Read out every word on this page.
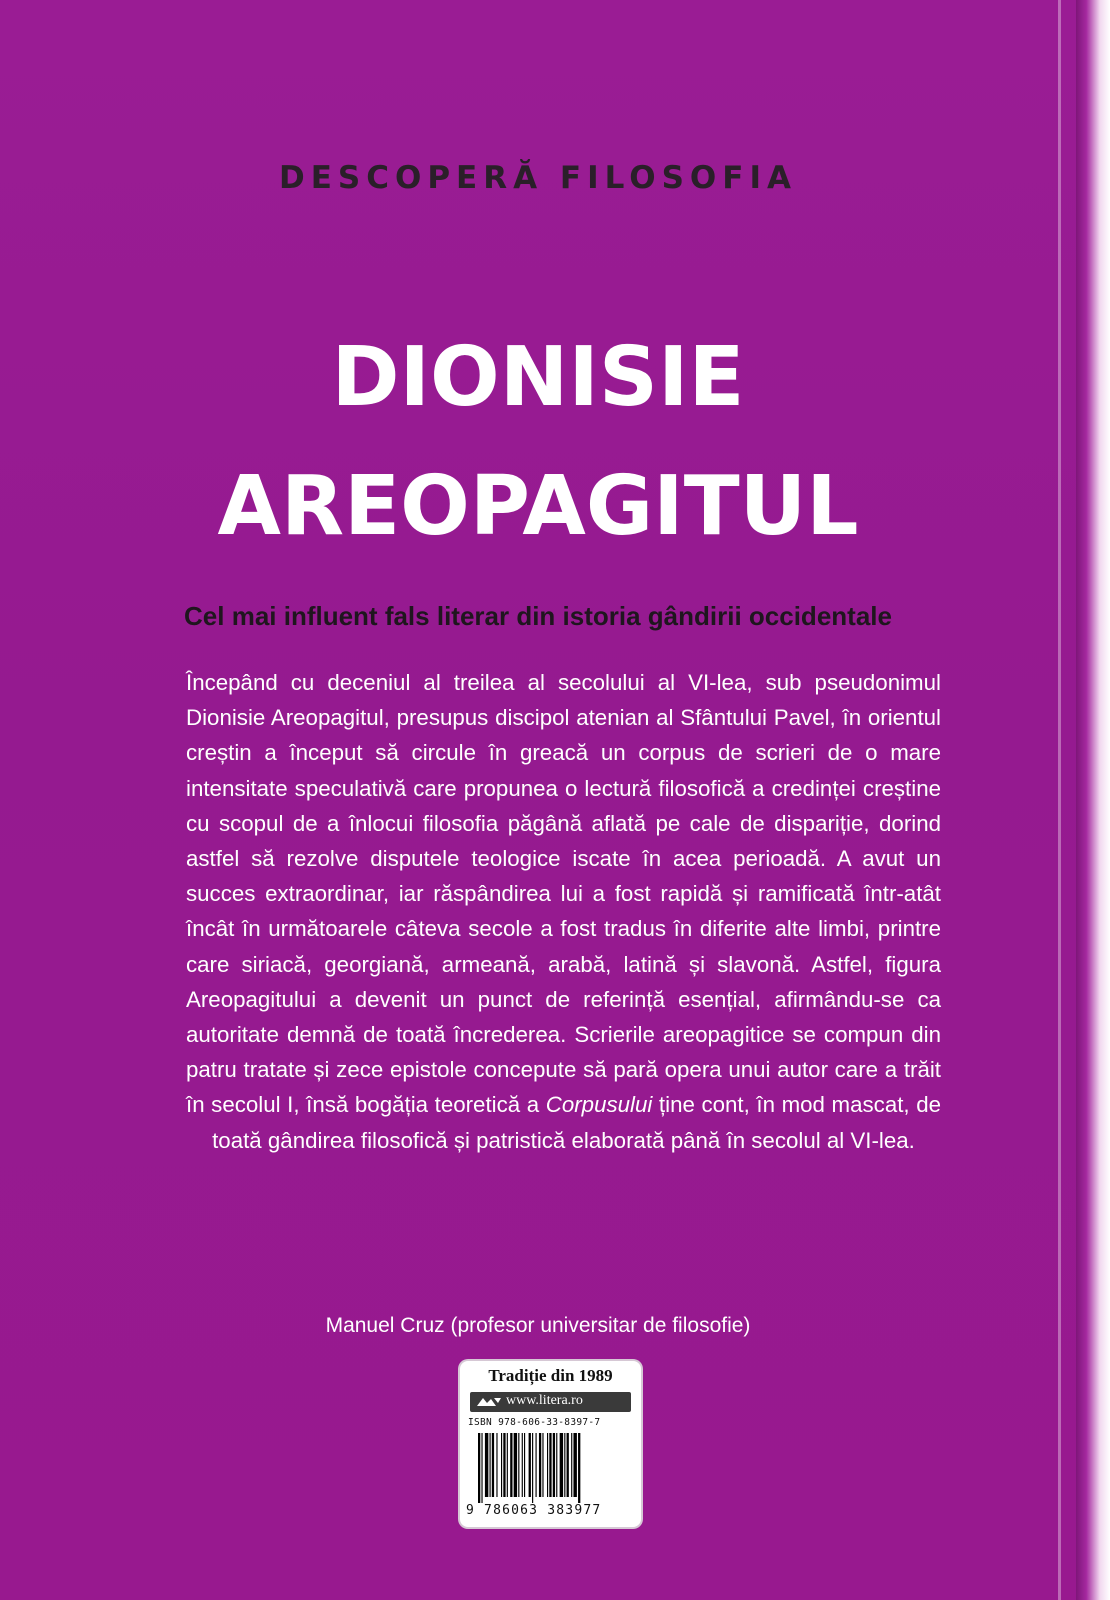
DESCOPERĂ FILOSOFIA
DIONISIE
AREOPAGITUL
Cel mai influent fals literar din istoria gândirii occidentale
Începând cu deceniul al treilea al secolului al VI-lea, sub pseudonimul Dionisie Areopagitul, presupus discipol atenian al Sfântului Pavel, în orientul creștin a început să circule în greacă un corpus de scrieri de o mare intensitate speculativă care propunea o lectură filosofică a credinței creștine cu scopul de a înlocui filosofia păgână aflată pe cale de dispariție, dorind astfel să rezolve disputele teologice iscate în acea perioadă. A avut un succes extraordinar, iar răspândirea lui a fost rapidă și ramificată într-atât încât în următoarele câteva secole a fost tradus în diferite alte limbi, printre care siriacă, georgiană, armeană, arabă, latină și slavonă. Astfel, figura Areopagitului a devenit un punct de referință esențial, afirmându-se ca autoritate demnă de toată încrederea. Scrierile areopagitice se compun din patru tratate și zece epistole concepute să pară opera unui autor care a trăit în secolul I, însă bogăția teoretică a Corpusului ține cont, în mod mascat, de toată gândirea filosofică și patristică elaborată până în secolul al VI-lea.
Manuel Cruz (profesor universitar de filosofie)
Tradiție din 1989
www.litera.ro
ISBN 978-606-33-8397-7
9 786063 383977
